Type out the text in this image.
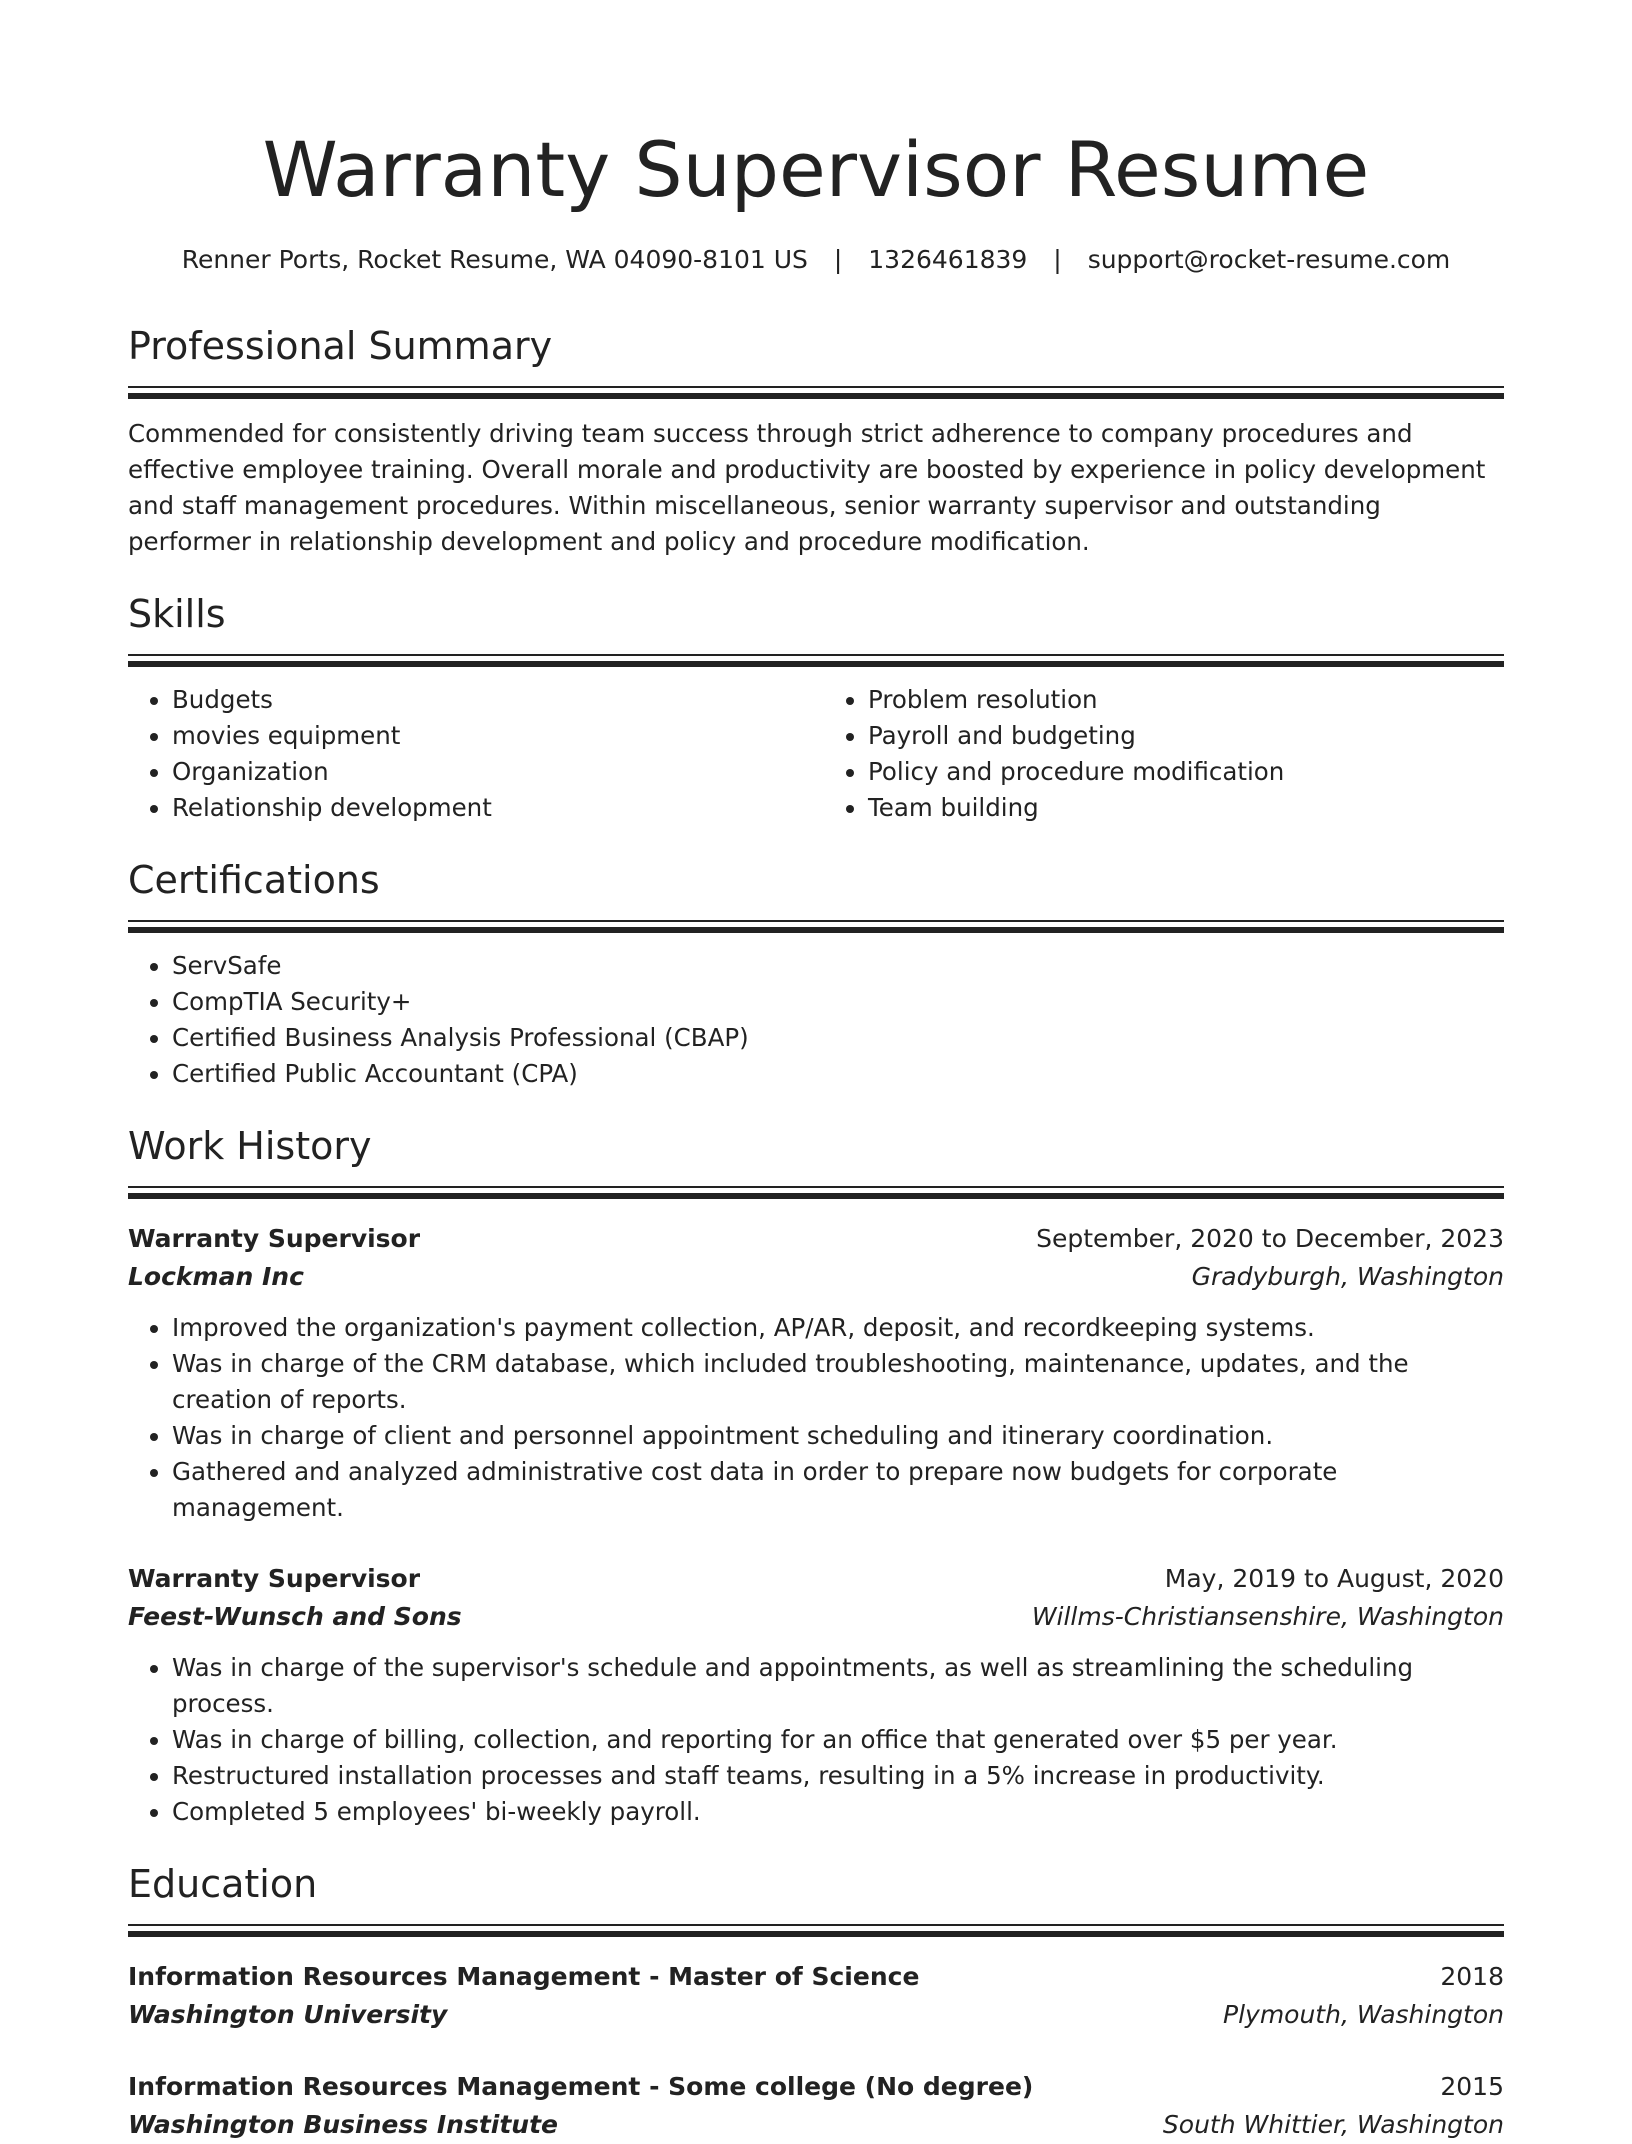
Warranty Supervisor Resume
Renner Ports, Rocket Resume, WA 04090-8101 US | 1326461839 | support@rocket-resume.com
Professional Summary
Commended for consistently driving team success through strict adherence to company procedures and effective employee training. Overall morale and productivity are boosted by experience in policy development and staff management procedures. Within miscellaneous, senior warranty supervisor and outstanding performer in relationship development and policy and procedure modification.
Skills
• Budgets
• movies equipment
• Organization
• Relationship development
• Problem resolution
• Payroll and budgeting
• Policy and procedure modification
• Team building
Certifications
• ServSafe
• CompTIA Security+
• Certified Business Analysis Professional (CBAP)
• Certified Public Accountant (CPA)
Work History
Warranty Supervisor	September, 2020 to December, 2023
Lockman Inc	Gradyburgh, Washington
• Improved the organization's payment collection, AP/AR, deposit, and recordkeeping systems.
• Was in charge of the CRM database, which included troubleshooting, maintenance, updates, and the creation of reports.
• Was in charge of client and personnel appointment scheduling and itinerary coordination.
• Gathered and analyzed administrative cost data in order to prepare now budgets for corporate management.
Warranty Supervisor	May, 2019 to August, 2020
Feest-Wunsch and Sons	Willms-Christiansenshire, Washington
• Was in charge of the supervisor's schedule and appointments, as well as streamlining the scheduling process.
• Was in charge of billing, collection, and reporting for an office that generated over $5 per year.
• Restructured installation processes and staff teams, resulting in a 5% increase in productivity.
• Completed 5 employees' bi-weekly payroll.
Education
Information Resources Management - Master of Science	2018
Washington University	Plymouth, Washington
Information Resources Management - Some college (No degree)	2015
Washington Business Institute	South Whittier, Washington
